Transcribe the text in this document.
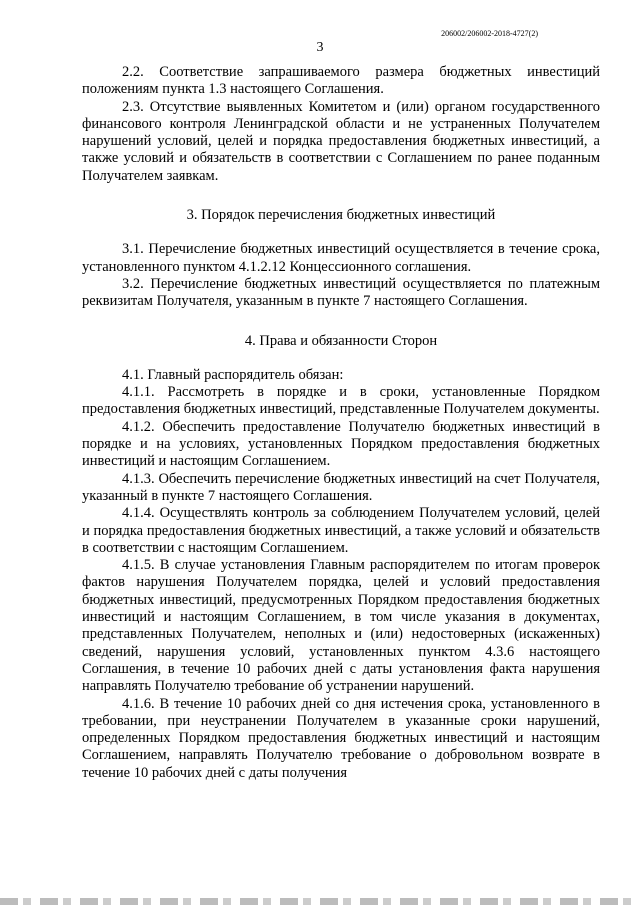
206002/206002-2018-4727(2)
3

2.2. Соответствие запрашиваемого размера бюджетных инвестиций положениям пункта 1.3 настоящего Соглашения.

2.3. Отсутствие выявленных Комитетом и (или) органом государственного финансового контроля Ленинградской области и не устраненных Получателем нарушений условий, целей и порядка предоставления бюджетных инвестиций, а также условий и обязательств в соответствии с Соглашением по ранее поданным Получателем заявкам.

3. Порядок перечисления бюджетных инвестиций

3.1. Перечисление бюджетных инвестиций осуществляется в течение срока, установленного пунктом 4.1.2.12 Концессионного соглашения.

3.2. Перечисление бюджетных инвестиций осуществляется по платежным реквизитам Получателя, указанным в пункте 7 настоящего Соглашения.

4. Права и обязанности Сторон

4.1. Главный распорядитель обязан:

4.1.1. Рассмотреть в порядке и в сроки, установленные Порядком предоставления бюджетных инвестиций, представленные Получателем документы.

4.1.2. Обеспечить предоставление Получателю бюджетных инвестиций в порядке и на условиях, установленных Порядком предоставления бюджетных инвестиций и настоящим Соглашением.

4.1.3. Обеспечить перечисление бюджетных инвестиций на счет Получателя, указанный в пункте 7 настоящего Соглашения.

4.1.4. Осуществлять контроль за соблюдением Получателем условий, целей и порядка предоставления бюджетных инвестиций, а также условий и обязательств в соответствии с настоящим Соглашением.

4.1.5. В случае установления Главным распорядителем по итогам проверок фактов нарушения Получателем порядка, целей и условий предоставления бюджетных инвестиций, предусмотренных Порядком предоставления бюджетных инвестиций и настоящим Соглашением, в том числе указания в документах, представленных Получателем, неполных и (или) недостоверных (искаженных) сведений, нарушения условий, установленных пунктом 4.3.6 настоящего Соглашения, в течение 10 рабочих дней с даты установления факта нарушения направлять Получателю требование об устранении нарушений.

4.1.6. В течение 10 рабочих дней со дня истечения срока, установленного в требовании, при неустранении Получателем в указанные сроки нарушений, определенных Порядком предоставления бюджетных инвестиций и настоящим Соглашением, направлять Получателю требование о добровольном возврате в течение 10 рабочих дней с даты получения
